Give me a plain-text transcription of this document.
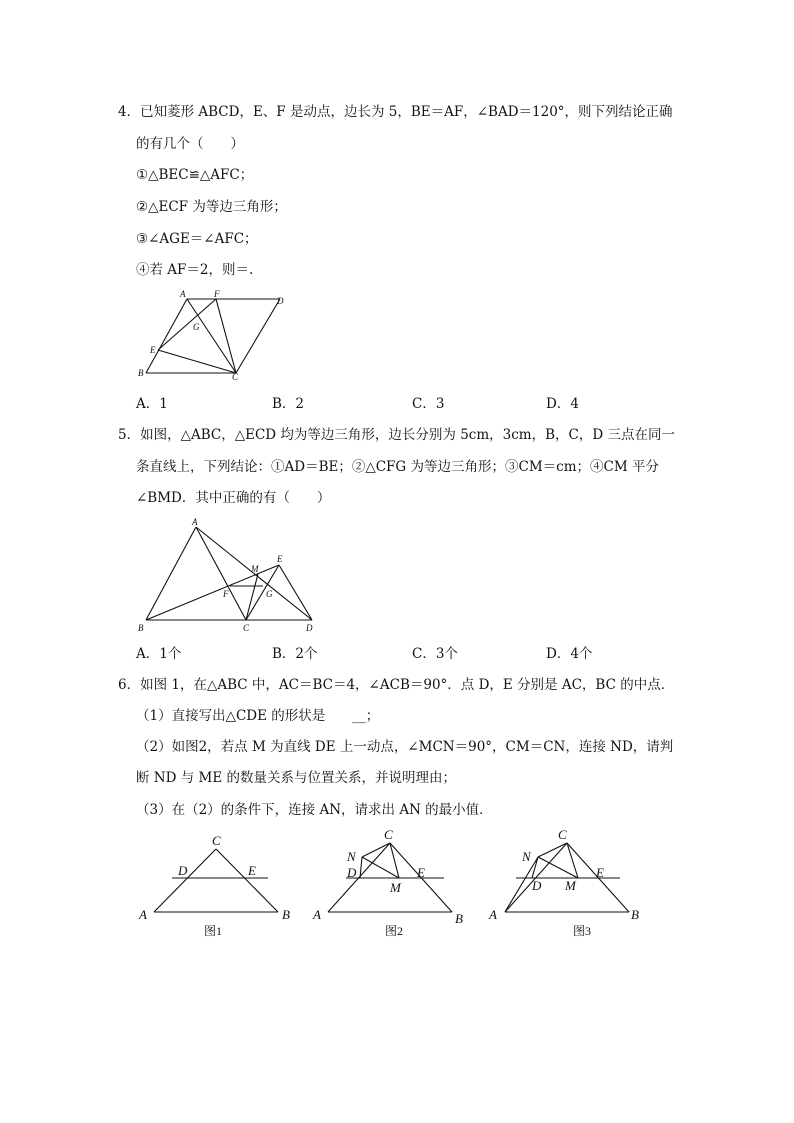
4．已知菱形 ABCD，E、F 是动点，边长为 5，BE＝AF，∠BAD＝120°，则下列结论正确
的有几个（　　）
①△BEC≌△AFC；
②△ECF 为等边三角形；
③∠AGE＝∠AFC；
④若 AF＝2，则＝.
A	F
D
G
E
B	C
A．1	B．2	C．3	D．4
5．如图，△ABC，△ECD 均为等边三角形，边长分别为 5cm，3cm，B，C，D 三点在同一
条直线上，下列结论：①AD＝BE；②△CFG 为等边三角形；③CM＝cm；④CM 平分
∠BMD．其中正确的有（　　）
A
E
M
F	G
B	C	D
A．1个	B．2个	C．3个	D．4个
6．如图 1，在△ABC 中，AC＝BC＝4，∠ACB＝90°．点 D，E 分别是 AC，BC 的中点．
（1）直接写出△CDE 的形状是　　__；
（2）如图2，若点 M 为直线 DE 上一动点，∠MCN＝90°，CM＝CN，连接 ND，请判
断 ND 与 ME 的数量关系与位置关系，并说明理由；
（3）在（2）的条件下，连接 AN，请求出 AN 的最小值．
C
D	E
A	B
图1
C
N
D
M
E
A	B
图2
C
N
D M
E
A	B
图3
